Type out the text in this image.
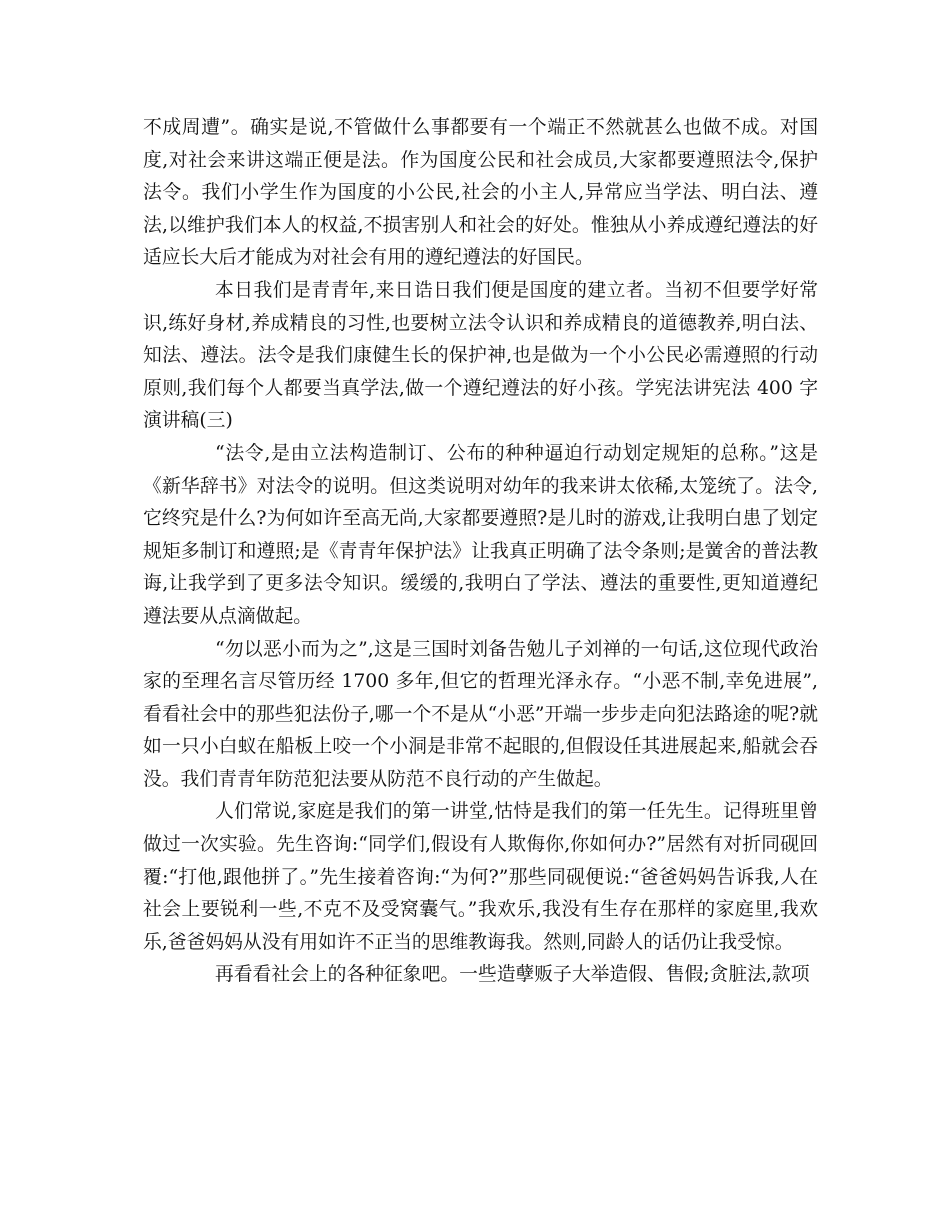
不成周遭”。确实是说,不管做什么事都要有一个端正不然就甚么也做不成。对国度,对社会来讲这端正便是法。作为国度公民和社会成员,大家都要遵照法令,保护法令。我们小学生作为国度的小公民,社会的小主人,异常应当学法、明白法、遵法,以维护我们本人的权益,不损害别人和社会的好处。惟独从小养成遵纪遵法的好适应长大后才能成为对社会有用的遵纪遵法的好国民。

本日我们是青青年,来日诰日我们便是国度的建立者。当初不但要学好常识,练好身材,养成精良的习性,也要树立法令认识和养成精良的道德教养,明白法、知法、遵法。法令是我们康健生长的保护神,也是做为一个小公民必需遵照的行动原则,我们每个人都要当真学法,做一个遵纪遵法的好小孩。学宪法讲宪法 400 字演讲稿(三)

“法令,是由立法构造制订、公布的种种逼迫行动划定规矩的总称。”这是《新华辞书》对法令的说明。但这类说明对幼年的我来讲太依稀,太笼统了。法令,它终究是什么?为何如许至高无尚,大家都要遵照?是儿时的游戏,让我明白患了划定规矩多制订和遵照;是《青青年保护法》让我真正明确了法令条则;是黉舍的普法教诲,让我学到了更多法令知识。缓缓的,我明白了学法、遵法的重要性,更知道遵纪遵法要从点滴做起。

“勿以恶小而为之”,这是三国时刘备告勉儿子刘禅的一句话,这位现代政治家的至理名言尽管历经 1700 多年,但它的哲理光泽永存。“小恶不制,幸免进展”,看看社会中的那些犯法份子,哪一个不是从“小恶”开端一步步走向犯法路途的呢?就如一只小白蚁在船板上咬一个小洞是非常不起眼的,但假设任其进展起来,船就会吞没。我们青青年防范犯法要从防范不良行动的产生做起。

人们常说,家庭是我们的第一讲堂,怙恃是我们的第一任先生。记得班里曾做过一次实验。先生咨询:“同学们,假设有人欺侮你,你如何办?”居然有对折同砚回覆:“打他,跟他拼了。”先生接着咨询:“为何?”那些同砚便说:“爸爸妈妈告诉我,人在社会上要锐利一些,不克不及受窝囊气。”我欢乐,我没有生存在那样的家庭里,我欢乐,爸爸妈妈从没有用如许不正当的思维教诲我。然则,同龄人的话仍让我受惊。

再看看社会上的各种征象吧。一些造孽贩子大举造假、售假;贪脏法,款项
